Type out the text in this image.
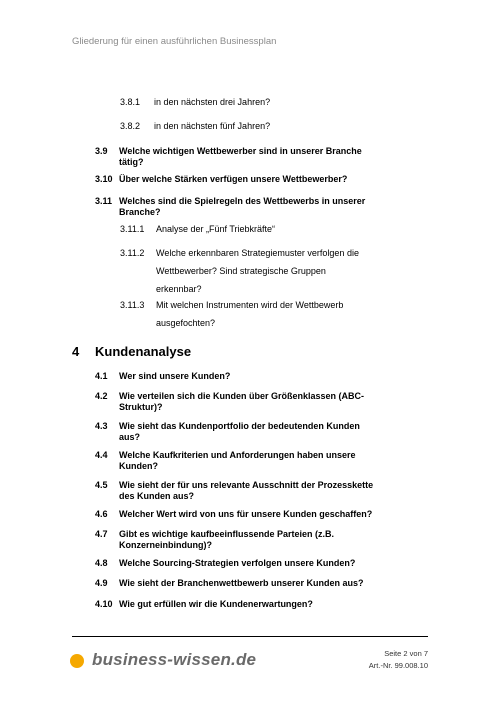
Gliederung für einen ausführlichen Businessplan
3.8.1 in den nächsten drei Jahren?
3.8.2 in den nächsten fünf Jahren?
3.9 Welche wichtigen Wettbewerber sind in unserer Branche
tätig?
3.10 Über welche Stärken verfügen unsere Wettbewerber?
3.11 Welches sind die Spielregeln des Wettbewerbs in unserer
Branche?
3.11.1 Analyse der „Fünf Triebkräfte“
3.11.2 Welche erkennbaren Strategiemuster verfolgen die
Wettbewerber? Sind strategische Gruppen
erkennbar?
3.11.3 Mit welchen Instrumenten wird der Wettbewerb
ausgefochten?
4 Kundenanalyse
4.1 Wer sind unsere Kunden?
4.2 Wie verteilen sich die Kunden über Größenklassen (ABC-
Struktur)?
4.3 Wie sieht das Kundenportfolio der bedeutenden Kunden
aus?
4.4 Welche Kaufkriterien und Anforderungen haben unsere
Kunden?
4.5 Wie sieht der für uns relevante Ausschnitt der Prozesskette
des Kunden aus?
4.6 Welcher Wert wird von uns für unsere Kunden geschaffen?
4.7 Gibt es wichtige kaufbeeinflussende Parteien (z.B.
Konzerneinbindung)?
4.8 Welche Sourcing-Strategien verfolgen unsere Kunden?
4.9 Wie sieht der Branchenwettbewerb unserer Kunden aus?
4.10 Wie gut erfüllen wir die Kundenerwartungen?
business-wissen.de	Seite 2 von 7
Art.-Nr. 99.008.10
